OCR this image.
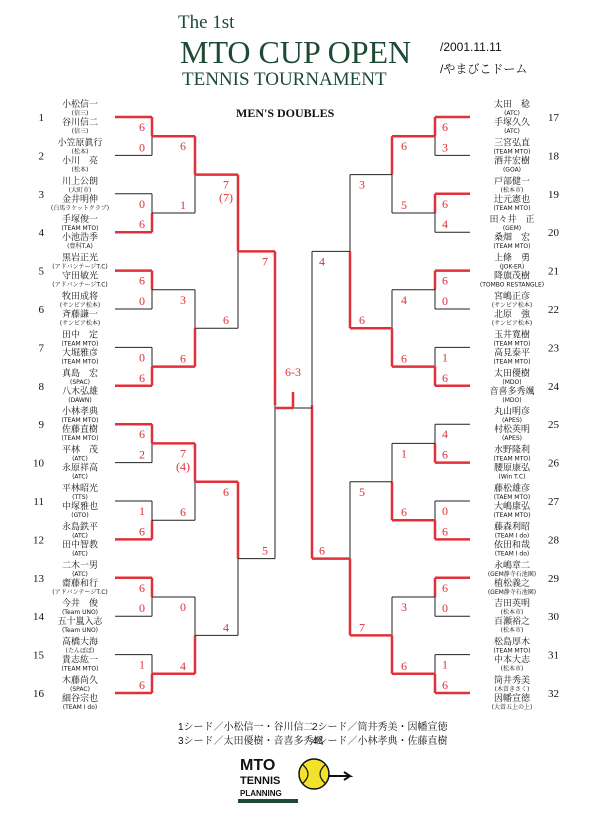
The 1st
MTO CUP OPEN
TENNIS TOURNAMENT
/2001.11.11
/やまびこドーム
MEN'S DOUBLES
1
小松信一
(信三)
谷川信二
(信三)
2
小笠原眞行
(松本)
小川　亮
(松本)
3
川上公朗
(大町市)
金井明伸
(白馬ラケットクラブ)
4
手塚俊一
(TEAM MTO)
小池浩季
(豊科T.A)
5
黒岩正光
(アドバンテージT.C)
守田敏光
(アドバンテージT.C)
6
牧田成将
(サンビア松本)
斉藤謙一
(サンビア松本)
7
田中　定
(TEAM MTO)
大堀雅彦
(TEAM MTO)
8
真島　宏
(SPAC)
八木弘雄
(DAWN)
9
小林孝典
(TEAM MTO)
佐藤直樹
(TEAM MTO)
10
平林　茂
(ATC)
永原祥高
(ATC)
11
平林昭光
(TTS)
中塚雅也
(GTO)
12
永島鉄平
(ATC)
田中智教
(ATC)
13
二木一男
(ATC)
齋藤和行
(アドバンテージT.C)
14
今井　俊
(Team UNO)
五十嵐入志
(Team UNO)
15
高橋大海
(たんぽぽ)
貴志紘一
(TEAM MTO)
16
木藤尚久
(SPAC)
細谷宗也
(TEAM I do)
6
0
0
6
6
0
0
6
6
2
1
6
6
0
1
6
6
1
3
6
7 (4)
6
0
4
7 (7)
6
6
4
7
5
17
太田　稔
(ATC)
手塚久久
(ATC)
18
三宮弘直
(TEAM MTO)
酒井宏樹
(GOA)
19
戸部健一
(松本市)
辻元憲也
(TEAM MTO)
20
田々井　正
(GEM)
桑畑　宏
(TEAM MTO)
21
上條　勇
(JOK-ER)
降旗茂樹
(TOMBO RESTANGLE)
22
宮嶋正彦
(サンビア松本)
北原　強
(サンビア松本)
23
玉井寛樹
(TEAM MTO)
高見泰平
(TEAM MTO)
24
太田優樹
(MDO)
音喜多秀颯
(MDO)
25
丸山明彦
(APES)
村松英明
(APES)
26
水野隆利
(TEAM MTO)
腰原康弘
(Win T.C)
27
藤松雄彦
(TAEM MTO)
大嶋康弘
(TEAM MTO)
28
藤森利昭
(TEAM I do)
依田和哉
(TEAM I do)
29
永嶋章二
(GEM静寺石池園)
植松義之
(GEM静寺石池園)
30
吉田英明
(松本市)
百瀬裕之
(松本市)
31
松島厚木
(TEAM MTO)
中本大志
(松本市)
32
筒井秀美
(木曽きさく)
因幡宣徳
(大曽五上の上)
6
3
6
4
6
0
1
6
4
6
0
6
6
0
1
6
6
5
4
6
1
6
3
6
3
6
5
7
4
6
6-3
1シード／小松信一・谷川信二
2シード／筒井秀美・因幡宣徳
3シード／太田優樹・音喜多秀颯
4シード／小林孝典・佐藤直樹
MTO
TENNIS
PLANNING
